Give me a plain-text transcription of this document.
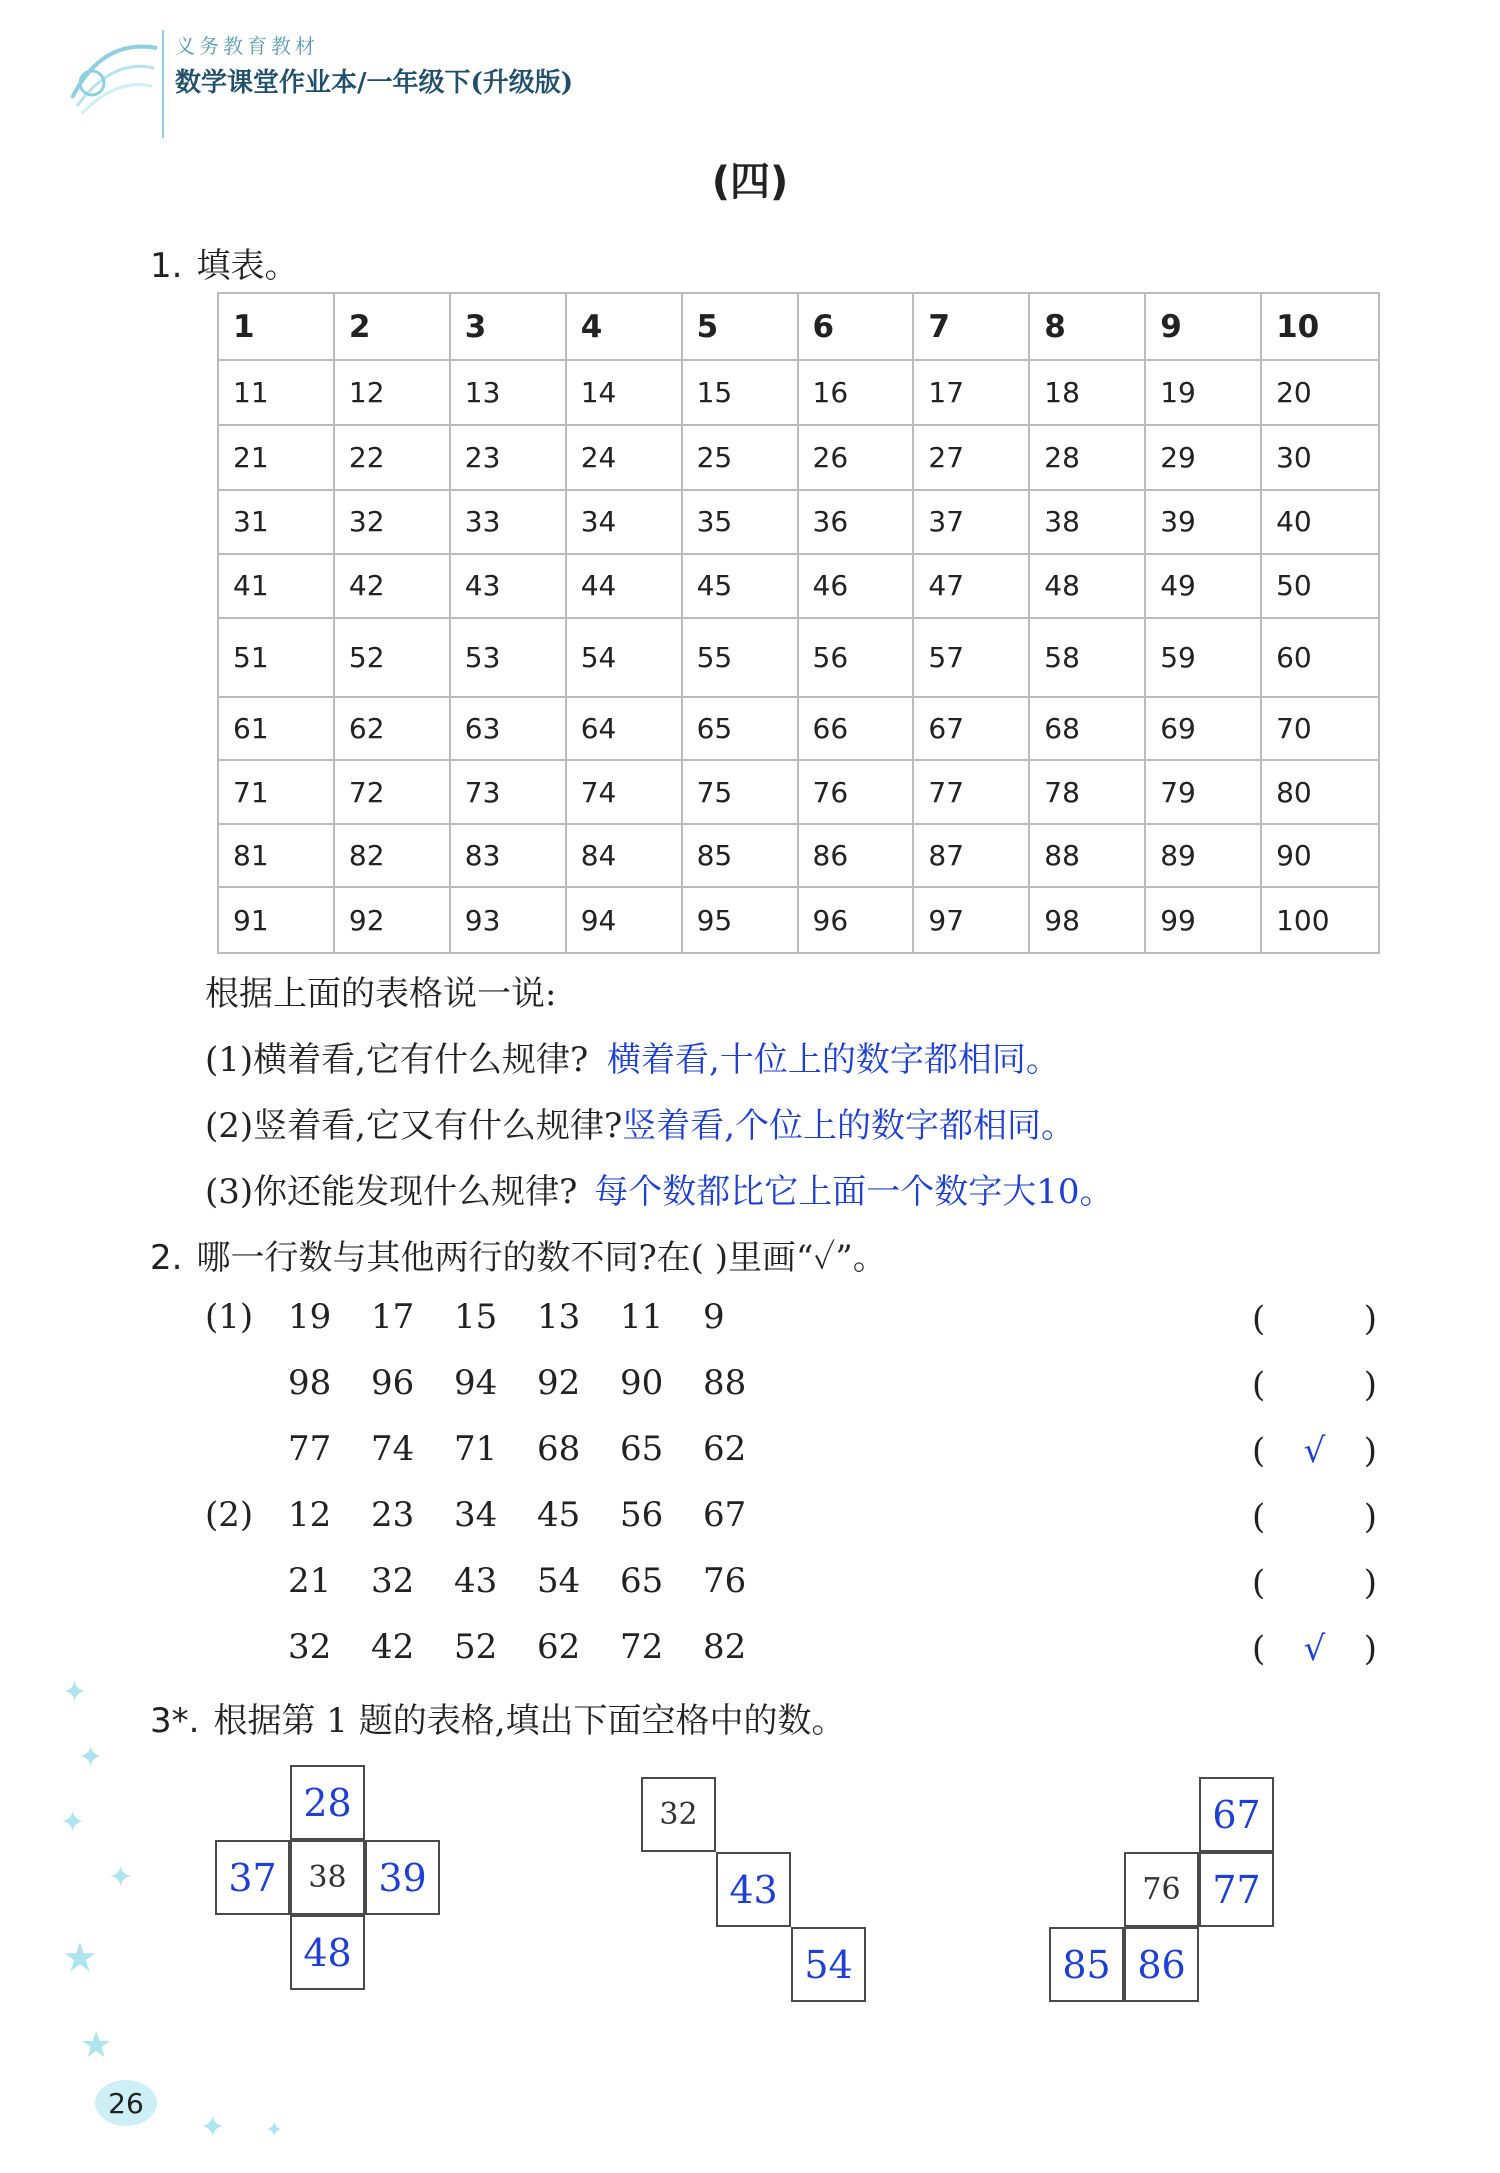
义务教育教材
数学课堂作业本/一年级下(升级版)
(四)
1. 填表。
1	2	3	4	5	6	7	8	9	10
11	12	13	14	15	16	17	18	19	20
21	22	23	24	25	26	27	28	29	30
31	32	33	34	35	36	37	38	39	40
41	42	43	44	45	46	47	48	49	50
51	52	53	54	55	56	57	58	59	60
61	62	63	64	65	66	67	68	69	70
71	72	73	74	75	76	77	78	79	80
81	82	83	84	85	86	87	88	89	90
91	92	93	94	95	96	97	98	99	100
根据上面的表格说一说:
(1)横着看,它有什么规律? 横着看,十位上的数字都相同。
(2)竖着看,它又有什么规律?竖着看,个位上的数字都相同。
(3)你还能发现什么规律? 每个数都比它上面一个数字大10。
2. 哪一行数与其他两行的数不同?在( )里画“✓”。
(1) 19 17 15 13 11 9	(	)
98 96 94 92 90 88	(	)
77 74 71 68 65 62	(	√	)
(2) 12 23 34 45 56 67	(	)
21 32 43 54 65 76	(	)
32 42 52 62 72 82	(	√	)
3*. 根据第 1 题的表格,填出下面空格中的数。
28
37	38 39
48
32
43
54
67
76 77
85 86
✦
✦
✦
✦
★
★
✦ ✦
26
